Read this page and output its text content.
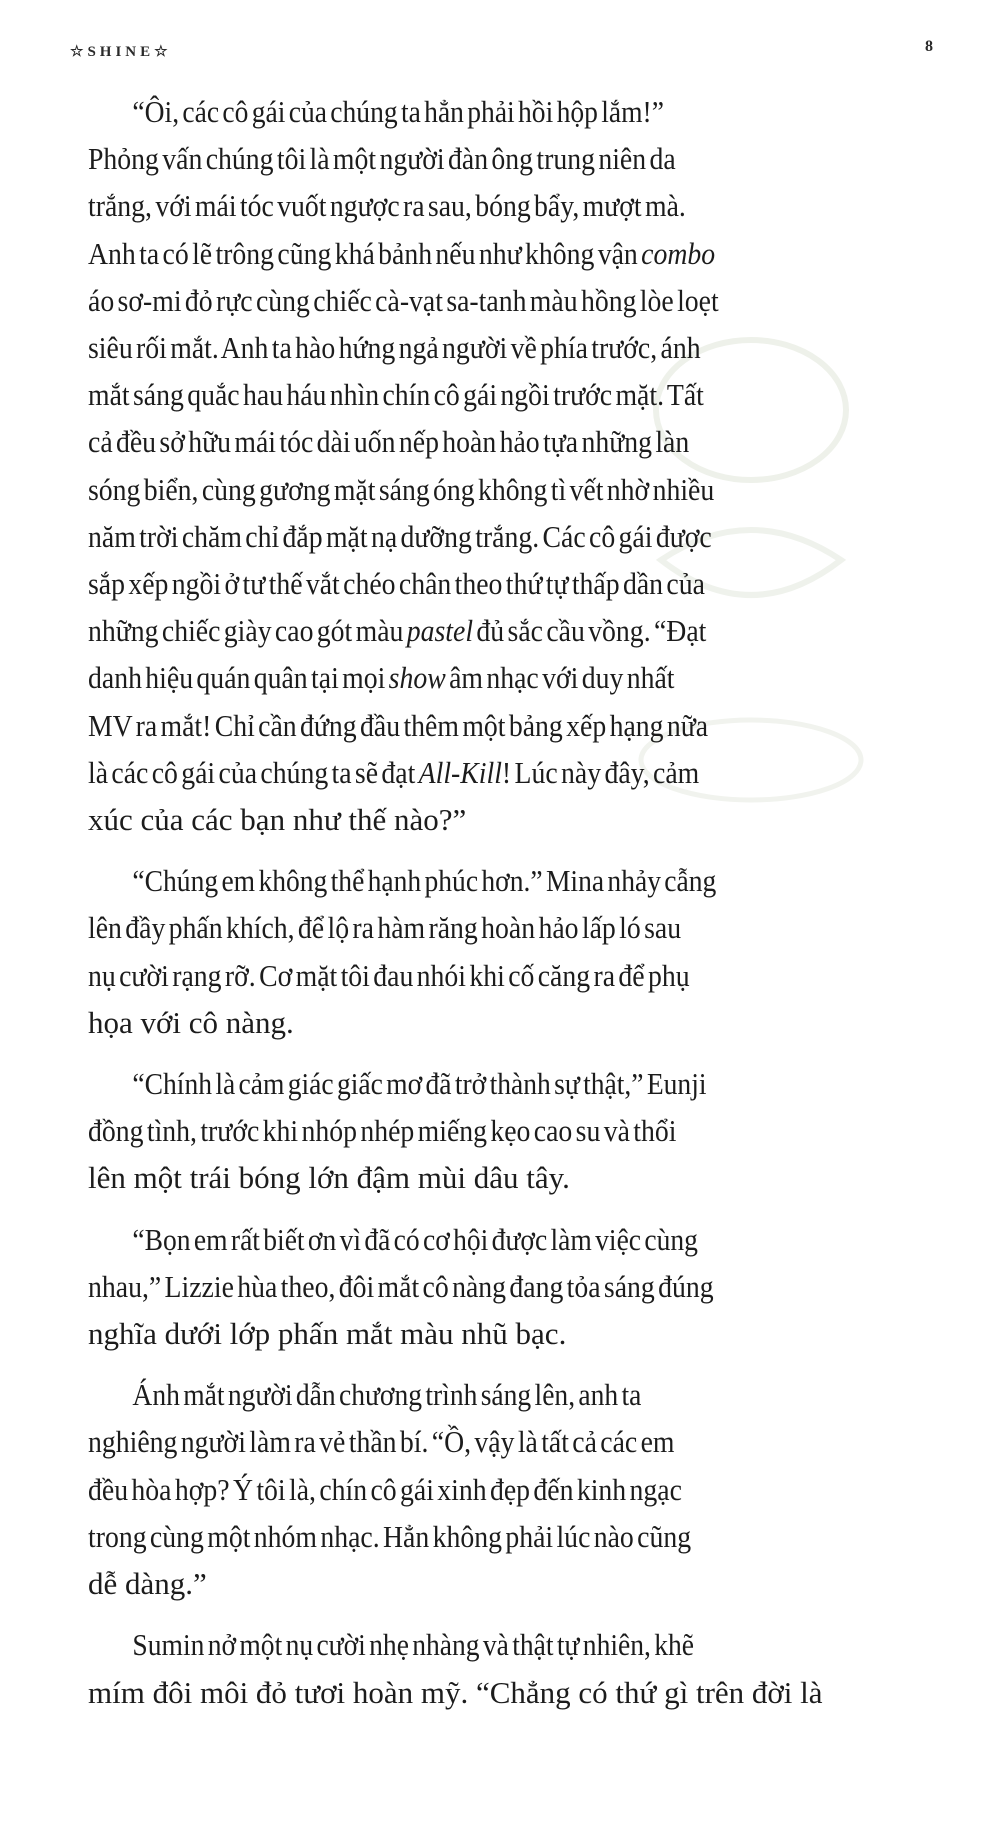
☆SHINE☆	8
“Ôi, các cô gái của chúng ta hẳn phải hồi hộp lắm!”
Phỏng vấn chúng tôi là một người đàn ông trung niên da
trắng, với mái tóc vuốt ngược ra sau, bóng bẩy, mượt mà.
Anh ta có lẽ trông cũng khá bảnh nếu như không vận combo
áo sơ-mi đỏ rực cùng chiếc cà-vạt sa-tanh màu hồng lòe loẹt
siêu rối mắt. Anh ta hào hứng ngả người về phía trước, ánh
mắt sáng quắc hau háu nhìn chín cô gái ngồi trước mặt. Tất
cả đều sở hữu mái tóc dài uốn nếp hoàn hảo tựa những làn
sóng biển, cùng gương mặt sáng óng không tì vết nhờ nhiều
năm trời chăm chỉ đắp mặt nạ dưỡng trắng. Các cô gái được
sắp xếp ngồi ở tư thế vắt chéo chân theo thứ tự thấp dần của
những chiếc giày cao gót màu pastel đủ sắc cầu vồng. “Đạt
danh hiệu quán quân tại mọi show âm nhạc với duy nhất
MV ra mắt! Chỉ cần đứng đầu thêm một bảng xếp hạng nữa
là các cô gái của chúng ta sẽ đạt All-Kill! Lúc này đây, cảm
xúc của các bạn như thế nào?”
“Chúng em không thể hạnh phúc hơn.” Mina nhảy cẫng
lên đầy phấn khích, để lộ ra hàm răng hoàn hảo lấp ló sau
nụ cười rạng rỡ. Cơ mặt tôi đau nhói khi cố căng ra để phụ
họa với cô nàng.
“Chính là cảm giác giấc mơ đã trở thành sự thật,” Eunji
đồng tình, trước khi nhóp nhép miếng kẹo cao su và thổi
lên một trái bóng lớn đậm mùi dâu tây.
“Bọn em rất biết ơn vì đã có cơ hội được làm việc cùng
nhau,” Lizzie hùa theo, đôi mắt cô nàng đang tỏa sáng đúng
nghĩa dưới lớp phấn mắt màu nhũ bạc.
Ánh mắt người dẫn chương trình sáng lên, anh ta
nghiêng người làm ra vẻ thần bí. “Ồ, vậy là tất cả các em
đều hòa hợp? Ý tôi là, chín cô gái xinh đẹp đến kinh ngạc
trong cùng một nhóm nhạc. Hẳn không phải lúc nào cũng
dễ dàng.”
Sumin nở một nụ cười nhẹ nhàng và thật tự nhiên, khẽ
mím đôi môi đỏ tươi hoàn mỹ. “Chẳng có thứ gì trên đời là
